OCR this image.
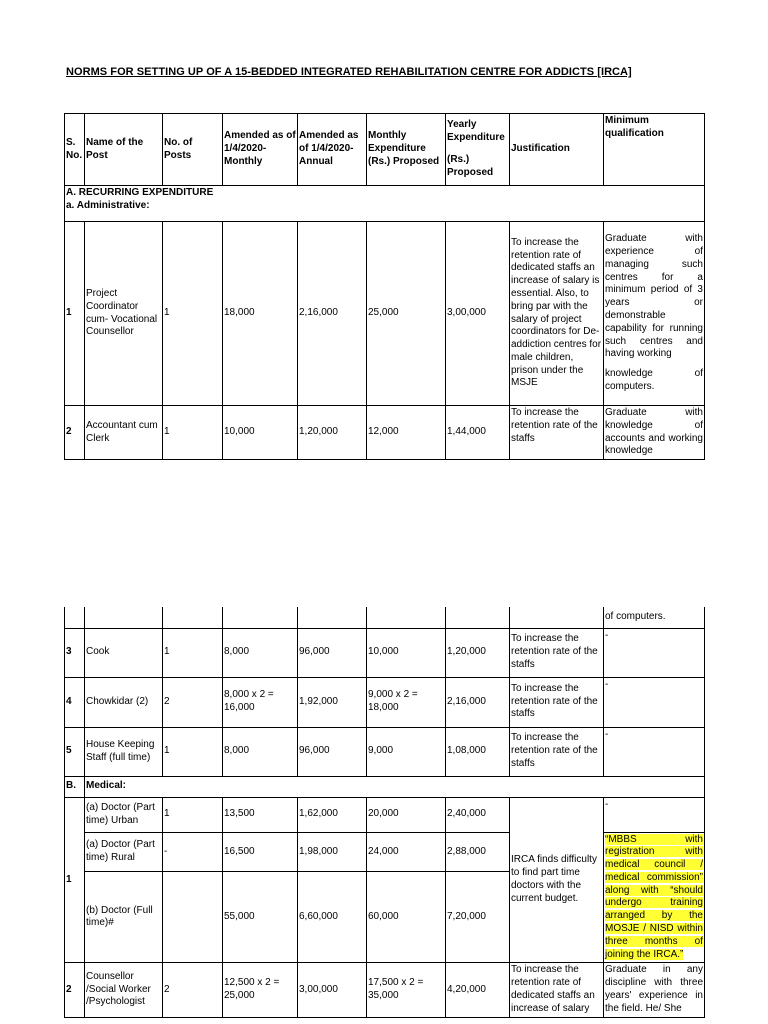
NORMS FOR SETTING UP OF A 15-BEDDED INTEGRATED REHABILITATION CENTRE FOR ADDICTS [IRCA]
S. No.	Name of the Post	No. of Posts	Amended as of 1/4/2020- Monthly	Amended as of 1/4/2020- Annual	Monthly Expenditure (Rs.) Proposed	Yearly Expenditure
(Rs.) Proposed	Justification	Minimum qualification

A. RECURRING EXPENDITURE
a. Administrative:								

1	Project Coordinator cum- Vocational Counsellor	1	18,000	2,16,000	25,000	3,00,000	To increase the retention rate of dedicated staffs an increase of salary is essential. Also, to bring par with the salary of project coordinators for De-addiction centres for male children, prison under the MSJE	Graduate with experience of managing such centres for a minimum period of 3 years or demonstrable capability for running such centres and having working
knowledge of computers.

2	Accountant cum Clerk	1	10,000	1,20,000	12,000	1,44,000	To increase the retention rate of the staffs	Graduate with knowledge of accounts and working knowledge
								of computers.
3	Cook	1	8,000	96,000	10,000	1,20,000	To increase the retention rate of the staffs	-
4	Chowkidar (2)	2	8,000 x 2 = 16,000	1,92,000	9,000 x 2 = 18,000	2,16,000	To increase the retention rate of the staffs	-
5	House Keeping Staff (full time)	1	8,000	96,000	9,000	1,08,000	To increase the retention rate of the staffs	-
B.	Medical:							
1	(a) Doctor (Part time) Urban	1	13,500	1,62,000	20,000	2,40,000	IRCA finds difficulty to find part time doctors with the current budget.	-
	(a) Doctor (Part time) Rural	-	16,500	1,98,000	24,000	2,88,000		“MBBS with registration with medical council / medical commission” along with “should undergo training arranged by the MOSJE / NISD within three months of joining the IRCA.”
	(b) Doctor (Full time)#		55,000	6,60,000	60,000	7,20,000		
2	Counsellor /Social Worker /Psychologist	2	12,500 x 2 = 25,000	3,00,000	17,500 x 2 = 35,000	4,20,000	To increase the retention rate of dedicated staffs an increase of salary	Graduate in any discipline with three years' experience in the field. He/ She
